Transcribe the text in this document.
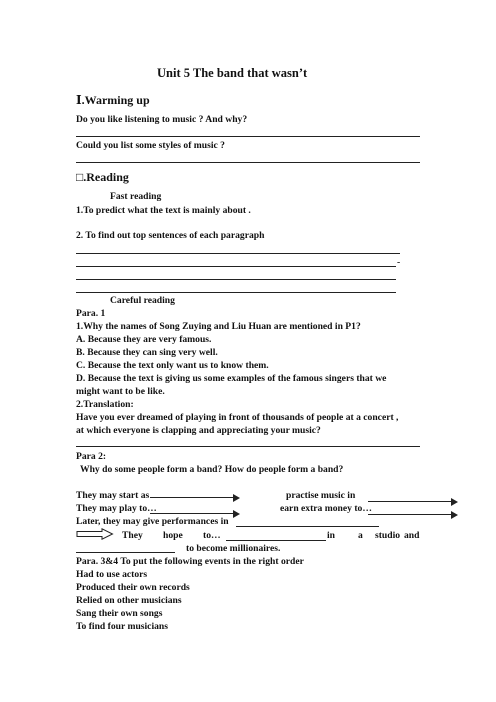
Unit 5 The band that wasn’t
Ⅰ.Warming up
Do you like listening to music ? And why?
Could you list some styles of music ?
□.Reading
Fast reading
1.To predict what the text is mainly about .
2. To find out top sentences of each paragraph
-
Careful reading
Para. 1
1.Why the names of Song Zuying and Liu Huan are mentioned in P1?
A. Because they are very famous.
B. Because they can sing very well.
C. Because the text only want us to know them.
D. Because the text is giving us some examples of the famous singers that we
might want to be like.
2.Translation:
Have you ever dreamed of playing in front of thousands of people at a concert ,
at which everyone is clapping and appreciating your music?
Para 2:
Why do some people form a band? How do people form a band?
They may start as	practise music in
They may play to…	earn extra money to…
Later, they may give performances in
They hope to…	in a studio and
to become millionaires.
Para. 3&4 To put the following events in the right order
Had to use actors
Produced their own records
Relied on other musicians
Sang their own songs
To find four musicians
